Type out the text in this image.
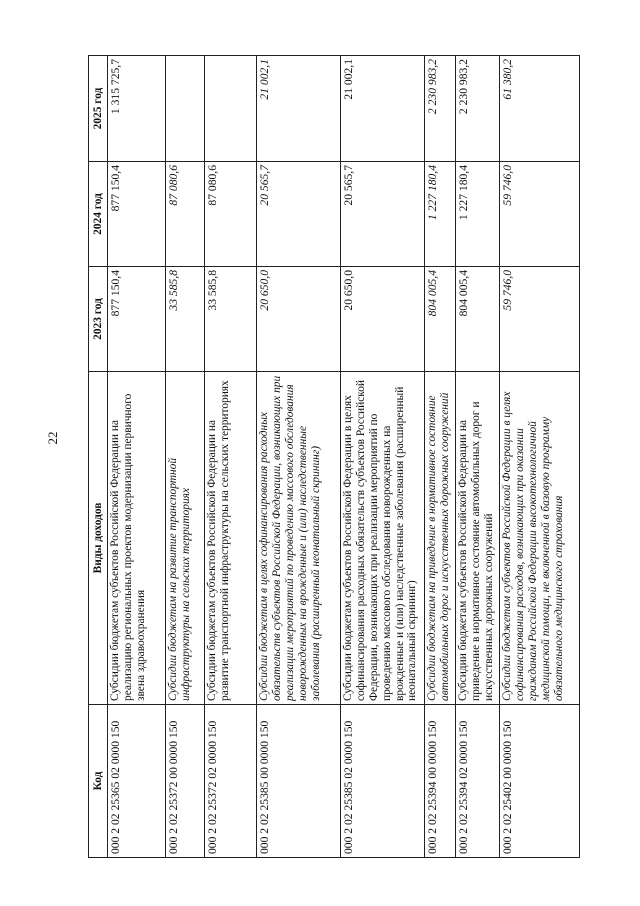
22
Код	Виды доходов	2023 год	2024 год	2025 год
000 2 02 25365 02 0000 150	Субсидии бюджетам субъектов Российской Федерации на реализацию региональных проектов модернизации первичного звена здравоохранения	877 150,4	877 150,4	1 315 725,7
000 2 02 25372 00 0000 150	Субсидии бюджетам на развитие транспортной инфраструктуры на сельских территориях	33 585,8	87 080,6	
000 2 02 25372 02 0000 150	Субсидии бюджетам субъектов Российской Федерации на развитие транспортной инфраструктуры на сельских территориях	33 585,8	87 080,6	
000 2 02 25385 00 0000 150	Субсидии бюджетам в целях софинансирования расходных обязательств субъектов Российской Федерации, возникающих при реализации мероприятий по проведению массового обследования новорожденных на врожденные и (или) наследственные заболевания (расширенный неонатальный скрининг)	20 650,0	20 565,7	21 002,1
000 2 02 25385 02 0000 150	Субсидии бюджетам субъектов Российской Федерации в целях софинансирования расходных обязательств субъектов Российской Федерации, возникающих при реализации мероприятий по проведению массового обследования новорожденных на врожденные и (или) наследственные заболевания (расширенный неонатальный скрининг)	20 650,0	20 565,7	21 002,1
000 2 02 25394 00 0000 150	Субсидии бюджетам на приведение в нормативное состояние автомобильных дорог и искусственных дорожных сооружений	804 005,4	1 227 180,4	2 230 983,2
000 2 02 25394 02 0000 150	Субсидии бюджетам субъектов Российской Федерации на приведение в нормативное состояние автомобильных дорог и искусственных дорожных сооружений	804 005,4	1 227 180,4	2 230 983,2
000 2 02 25402 00 0000 150	Субсидии бюджетам субъектов Российской Федерации в целях софинансирования расходов, возникающих при оказании гражданам Российской Федерации высокотехнологичной медицинской помощи, не включенной в базовую программу обязательного медицинского страхования	59 746,0	59 746,0	61 380,2
